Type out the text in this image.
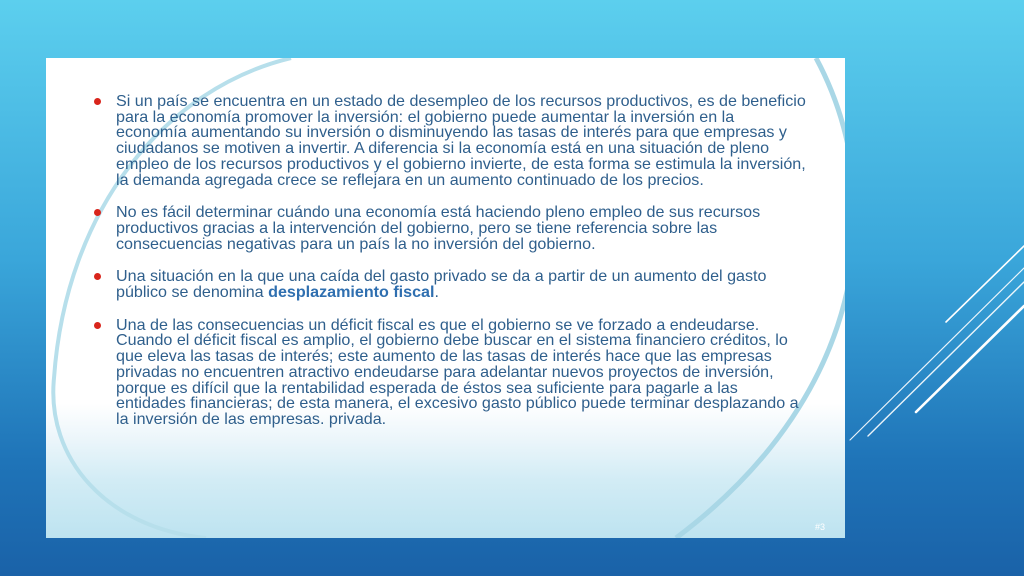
Si un país se encuentra en un estado de desempleo de los recursos productivos, es de beneficio para la economía promover la inversión: el gobierno puede aumentar la inversión en la economía aumentando su inversión o disminuyendo las tasas de interés para que empresas y ciudadanos se motiven a invertir. A diferencia si la economía está en una situación de pleno empleo de los recursos productivos y el gobierno invierte, de esta forma se estimula la inversión, la demanda agregada crece se reflejara en un aumento continuado de los precios.
No es fácil determinar cuándo una economía está haciendo pleno empleo de sus recursos productivos gracias a la intervención del gobierno, pero se tiene referencia sobre las consecuencias negativas para un país la no inversión del gobierno.
Una situación en la que una caída del gasto privado se da a partir de un aumento del gasto público se denomina desplazamiento fiscal.
Una de las consecuencias un déficit fiscal es que el gobierno se ve forzado a endeudarse. Cuando el déficit fiscal es amplio, el gobierno debe buscar en el sistema financiero créditos, lo que eleva las tasas de interés; este aumento de las tasas de interés hace que las empresas privadas no encuentren atractivo endeudarse para adelantar nuevos proyectos de inversión, porque es difícil que la rentabilidad esperada de éstos sea suficiente para pagarle a las entidades financieras; de esta manera, el excesivo gasto público puede terminar desplazando a la inversión de las empresas. privada.
#3
